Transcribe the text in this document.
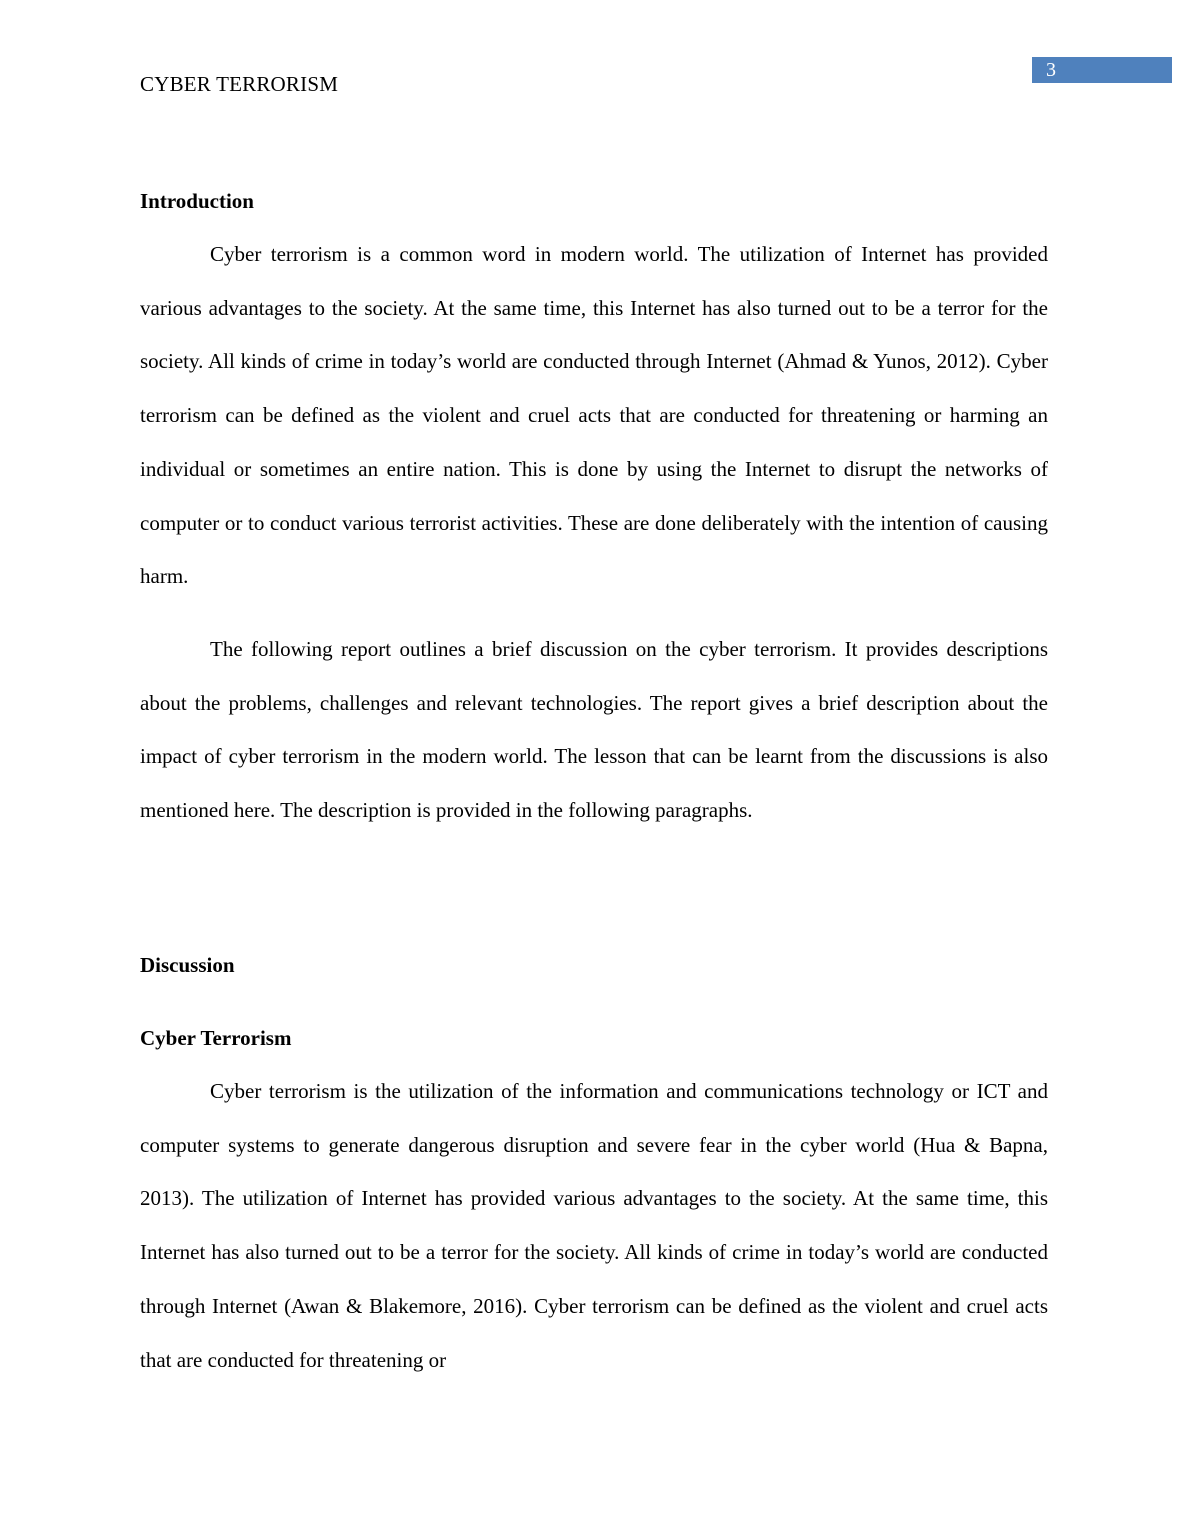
CYBER TERRORISM
3
Introduction

Cyber terrorism is a common word in modern world. The utilization of Internet has provided various advantages to the society. At the same time, this Internet has also turned out to be a terror for the society. All kinds of crime in today’s world are conducted through Internet (Ahmad & Yunos, 2012). Cyber terrorism can be defined as the violent and cruel acts that are conducted for threatening or harming an individual or sometimes an entire nation. This is done by using the Internet to disrupt the networks of computer or to conduct various terrorist activities. These are done deliberately with the intention of causing harm.

The following report outlines a brief discussion on the cyber terrorism. It provides descriptions about the problems, challenges and relevant technologies. The report gives a brief description about the impact of cyber terrorism in the modern world. The lesson that can be learnt from the discussions is also mentioned here. The description is provided in the following paragraphs.

Discussion
Cyber Terrorism

Cyber terrorism is the utilization of the information and communications technology or ICT and computer systems to generate dangerous disruption and severe fear in the cyber world (Hua & Bapna, 2013). The utilization of Internet has provided various advantages to the society. At the same time, this Internet has also turned out to be a terror for the society. All kinds of crime in today’s world are conducted through Internet (Awan & Blakemore, 2016). Cyber terrorism can be defined as the violent and cruel acts that are conducted for threatening or
